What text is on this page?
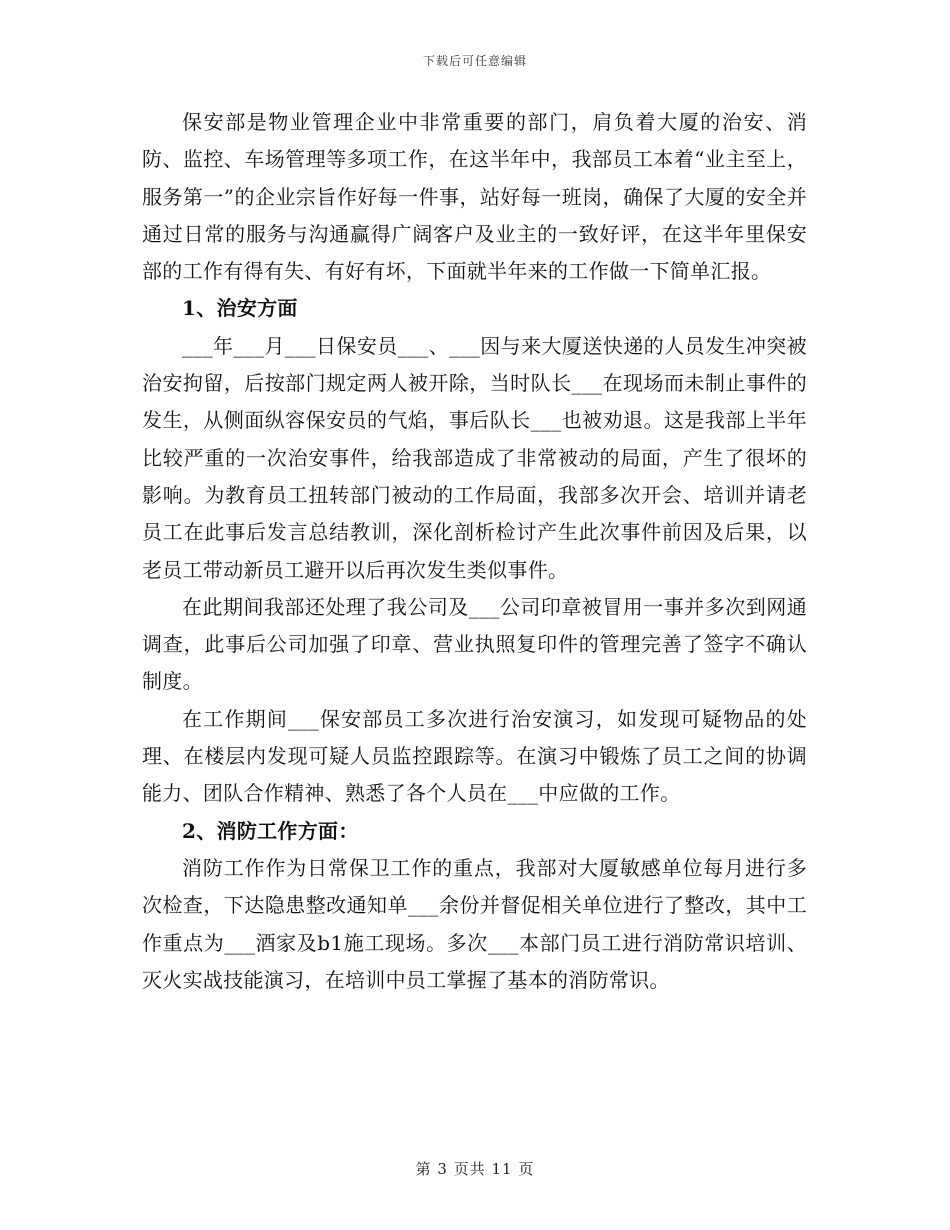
下载后可任意编辑

保安部是物业管理企业中非常重要的部门，肩负着大厦的治安、消防、监控、车场管理等多项工作，在这半年中，我部员工本着“业主至上，服务第一”的企业宗旨作好每一件事，站好每一班岗，确保了大厦的安全并通过日常的服务与沟通赢得广阔客户及业主的一致好评，在这半年里保安部的工作有得有失、有好有坏，下面就半年来的工作做一下简单汇报。

1、治安方面

___年___月___日保安员___、___因与来大厦送快递的人员发生冲突被治安拘留，后按部门规定两人被开除，当时队长___在现场而未制止事件的发生，从侧面纵容保安员的气焰，事后队长___也被劝退。这是我部上半年比较严重的一次治安事件，给我部造成了非常被动的局面，产生了很坏的影响。为教育员工扭转部门被动的工作局面，我部多次开会、培训并请老员工在此事后发言总结教训，深化剖析检讨产生此次事件前因及后果，以老员工带动新员工避开以后再次发生类似事件。

在此期间我部还处理了我公司及___公司印章被冒用一事并多次到网通调查，此事后公司加强了印章、营业执照复印件的管理完善了签字不确认制度。

在工作期间___保安部员工多次进行治安演习，如发现可疑物品的处理、在楼层内发现可疑人员监控跟踪等。在演习中锻炼了员工之间的协调能力、团队合作精神、熟悉了各个人员在___中应做的工作。

2、消防工作方面：

消防工作作为日常保卫工作的重点，我部对大厦敏感单位每月进行多次检查，下达隐患整改通知单___余份并督促相关单位进行了整改，其中工作重点为___酒家及b1施工现场。多次___本部门员工进行消防常识培训、灭火实战技能演习，在培训中员工掌握了基本的消防常识。

第 3 页共 11 页
